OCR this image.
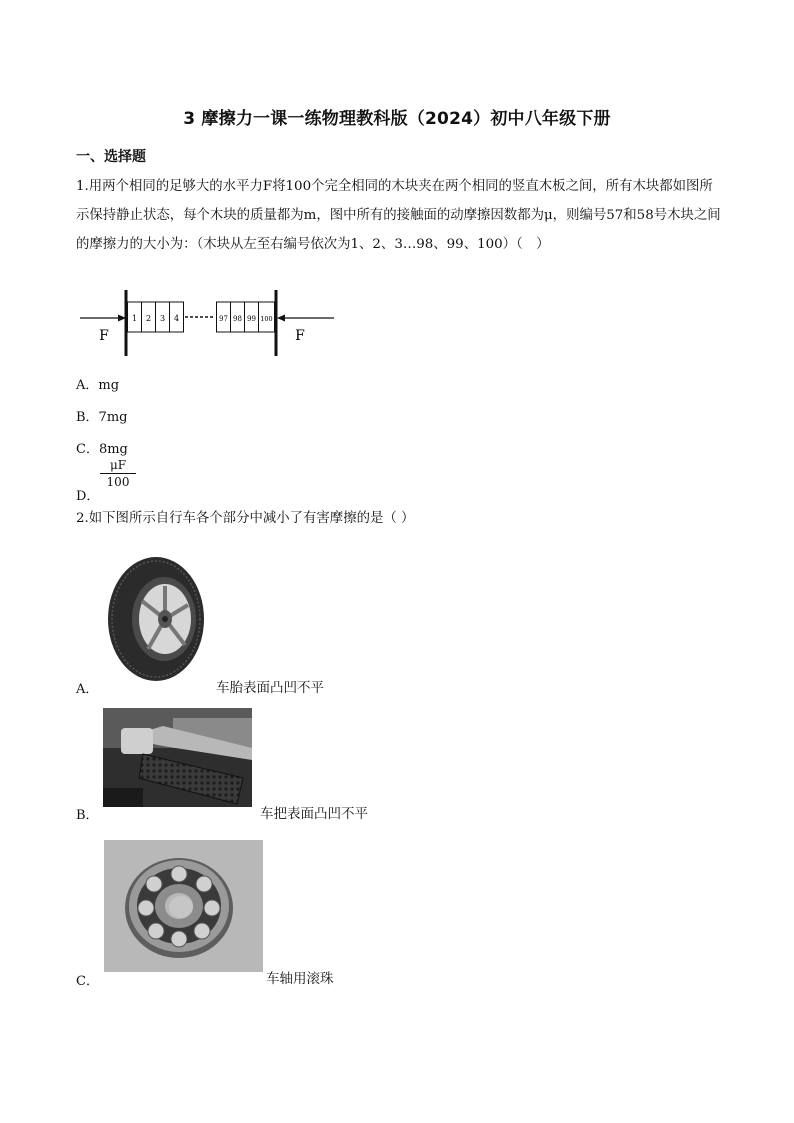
3 摩擦力一课一练物理教科版（2024）初中八年级下册
一、选择题
1.用两个相同的足够大的水平力F将100个完全相同的木块夹在两个相同的竖直木板之间，所有木块都如图所示保持静止状态，每个木块的质量都为m，图中所有的接触面的动摩擦因数都为μ，则编号57和58号木块之间的摩擦力的大小为：（木块从左至右编号依次为1、2、3…98、99、100）（　）
1 2 3 4	97 98 99 100
F	F
A．mg
B．7mg
C．8mg
D．
$\frac{\mu F}{100}$
2.如下图所示自行车各个部分中减小了有害摩擦的是（ ）
A．	车胎表面凸凹不平
B．	车把表面凸凹不平
C．	车轴用滚珠
